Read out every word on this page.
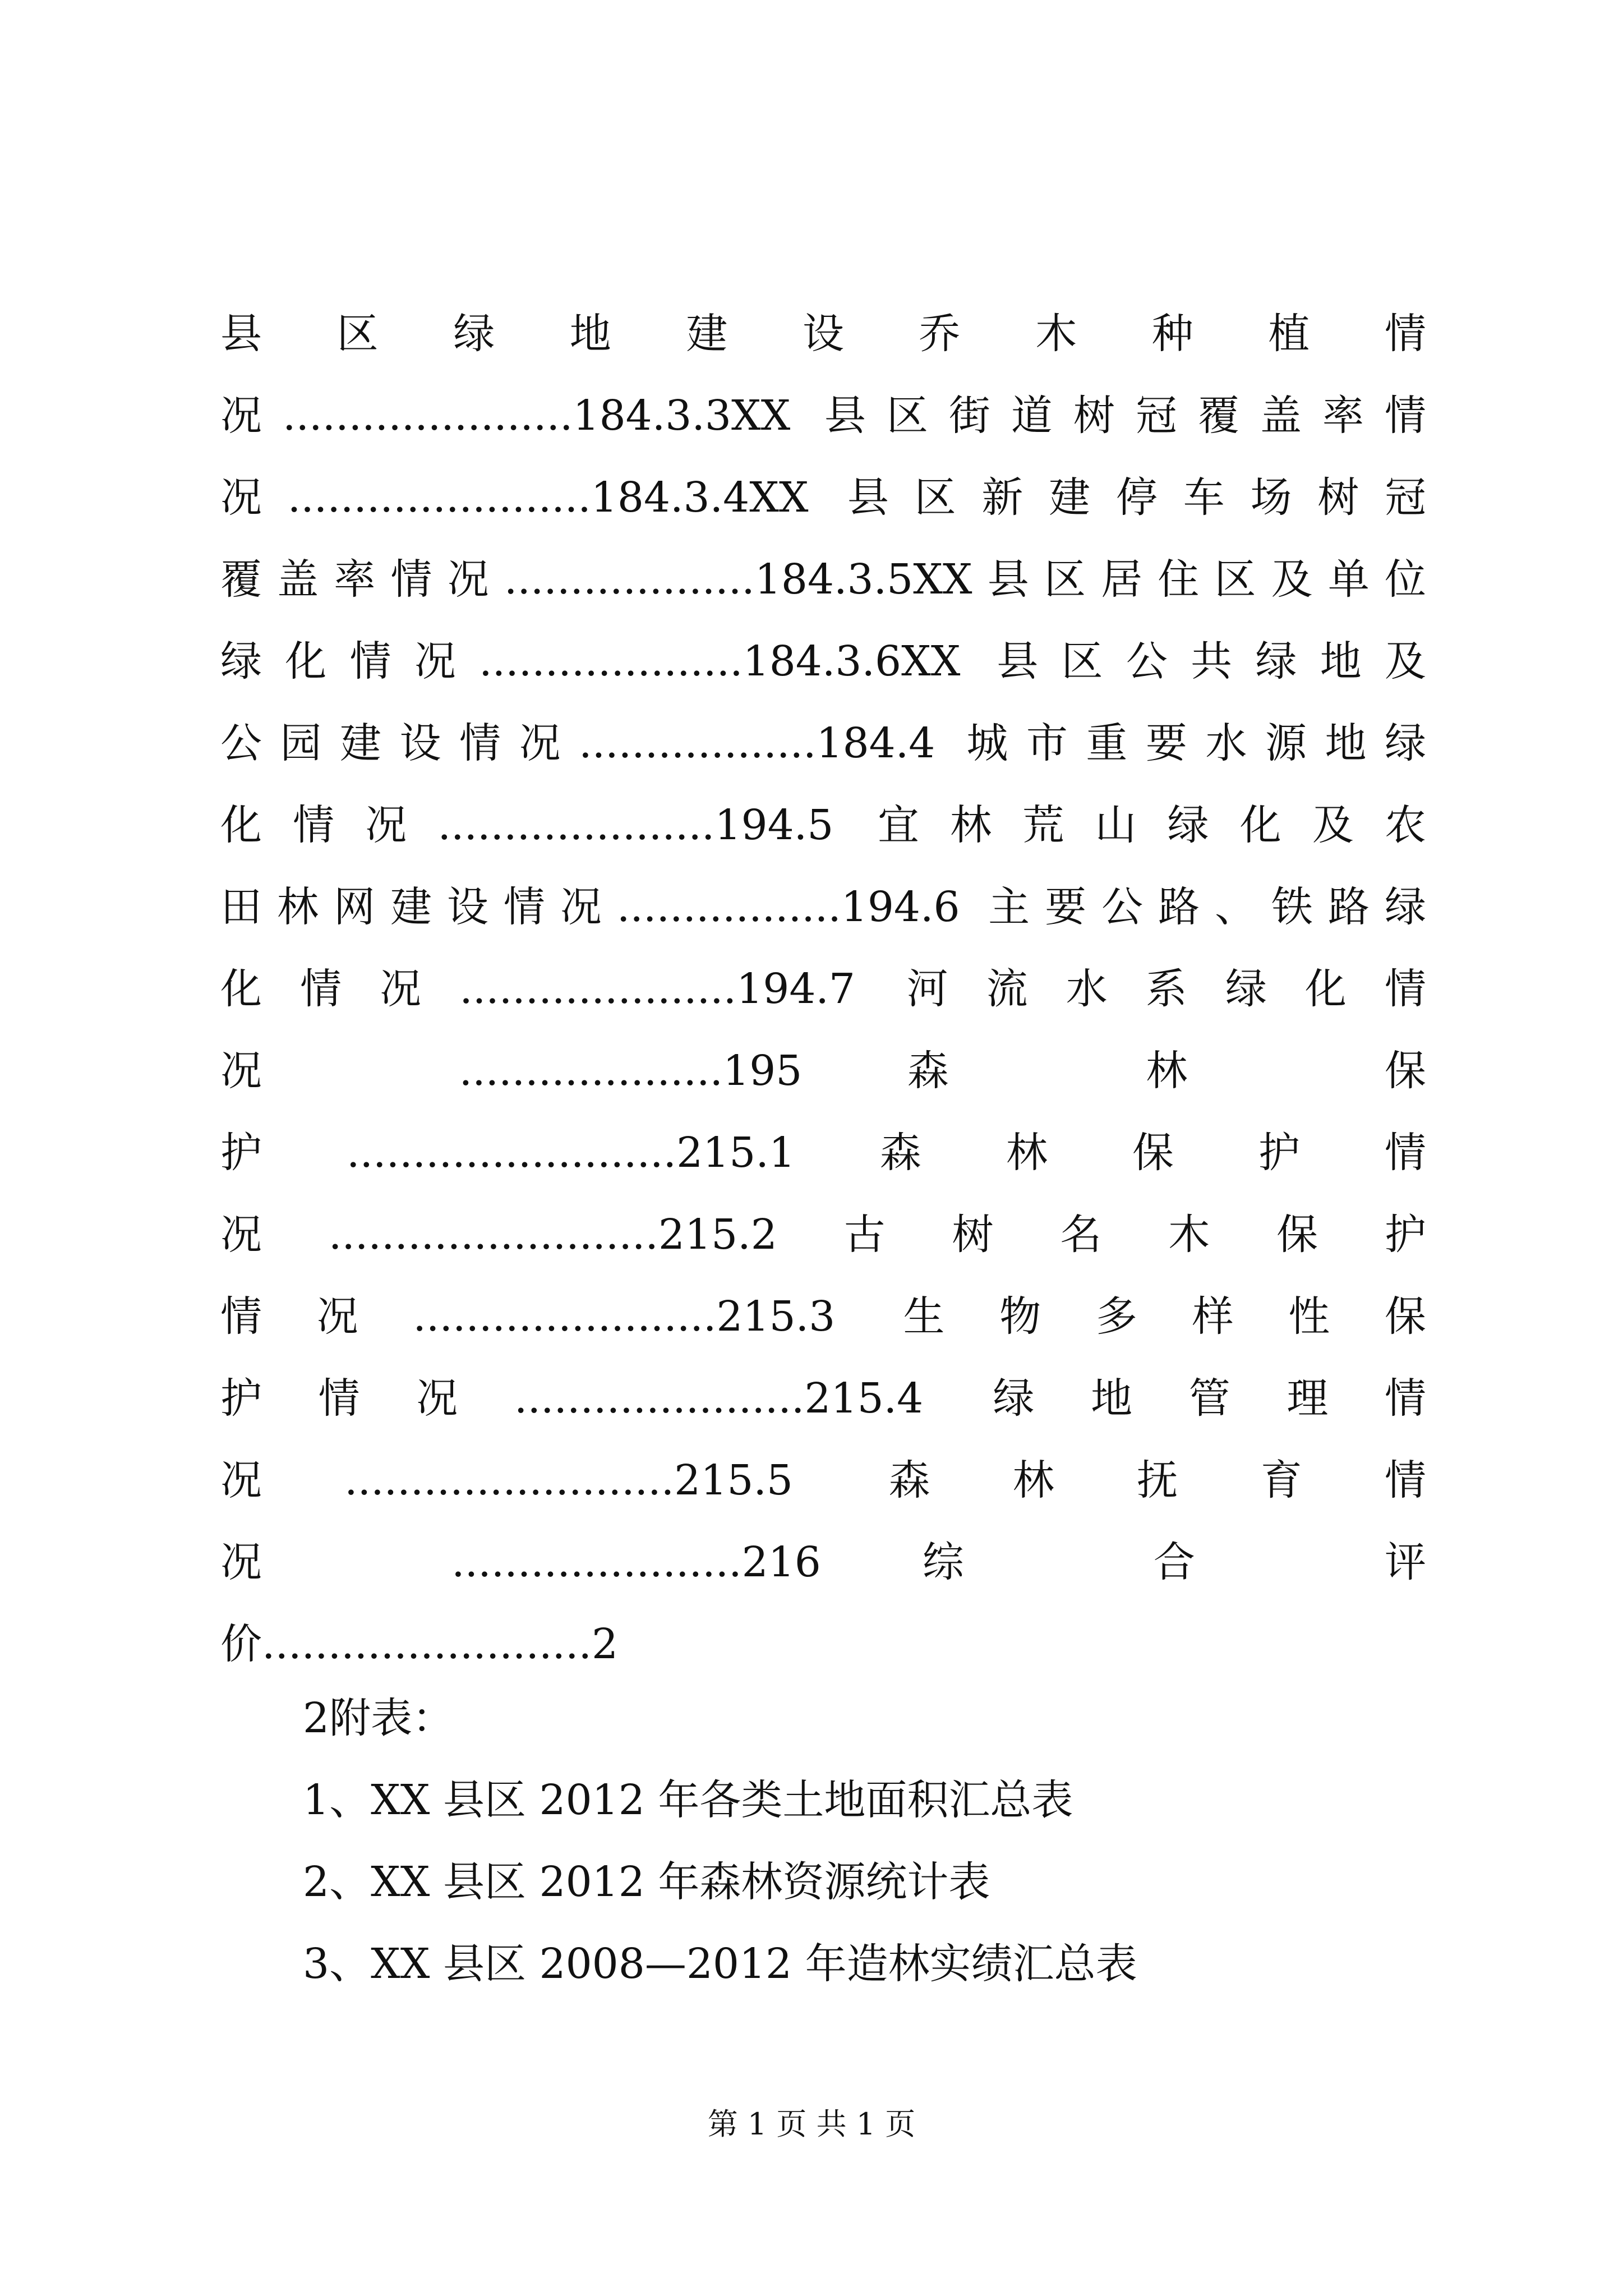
县区绿地建设乔木种植情
况......................184.3.3XX 县区街道树冠覆盖率情
况.......................184.3.4XX 县区新建停车场树冠
覆盖率情况...................184.3.5XX县区居住区及单位
绿化情况....................184.3.6XX 县区公共绿地及
公园建设情况..................184.4 城市重要水源地绿
化情况.....................194.5 宜林荒山绿化及农
田林网建设情况.................194.6 主要公路、铁路绿
化情况.....................194.7 河流水系绿化情
况 ....................195 森 林 保
护.........................215.1森林保护情
况.........................215.2古树名木保护
情况.......................215.3 生物多样性保
护情况......................215.4 绿地管理情
况.........................215.5 森林抚育情
况 ......................216 综 合 评
价.........................2
2附表：
1、XX 县区 2012 年各类土地面积汇总表
2、XX 县区 2012 年森林资源统计表
3、XX 县区 2008—2012 年造林实绩汇总表
第 1 页 共 1 页
